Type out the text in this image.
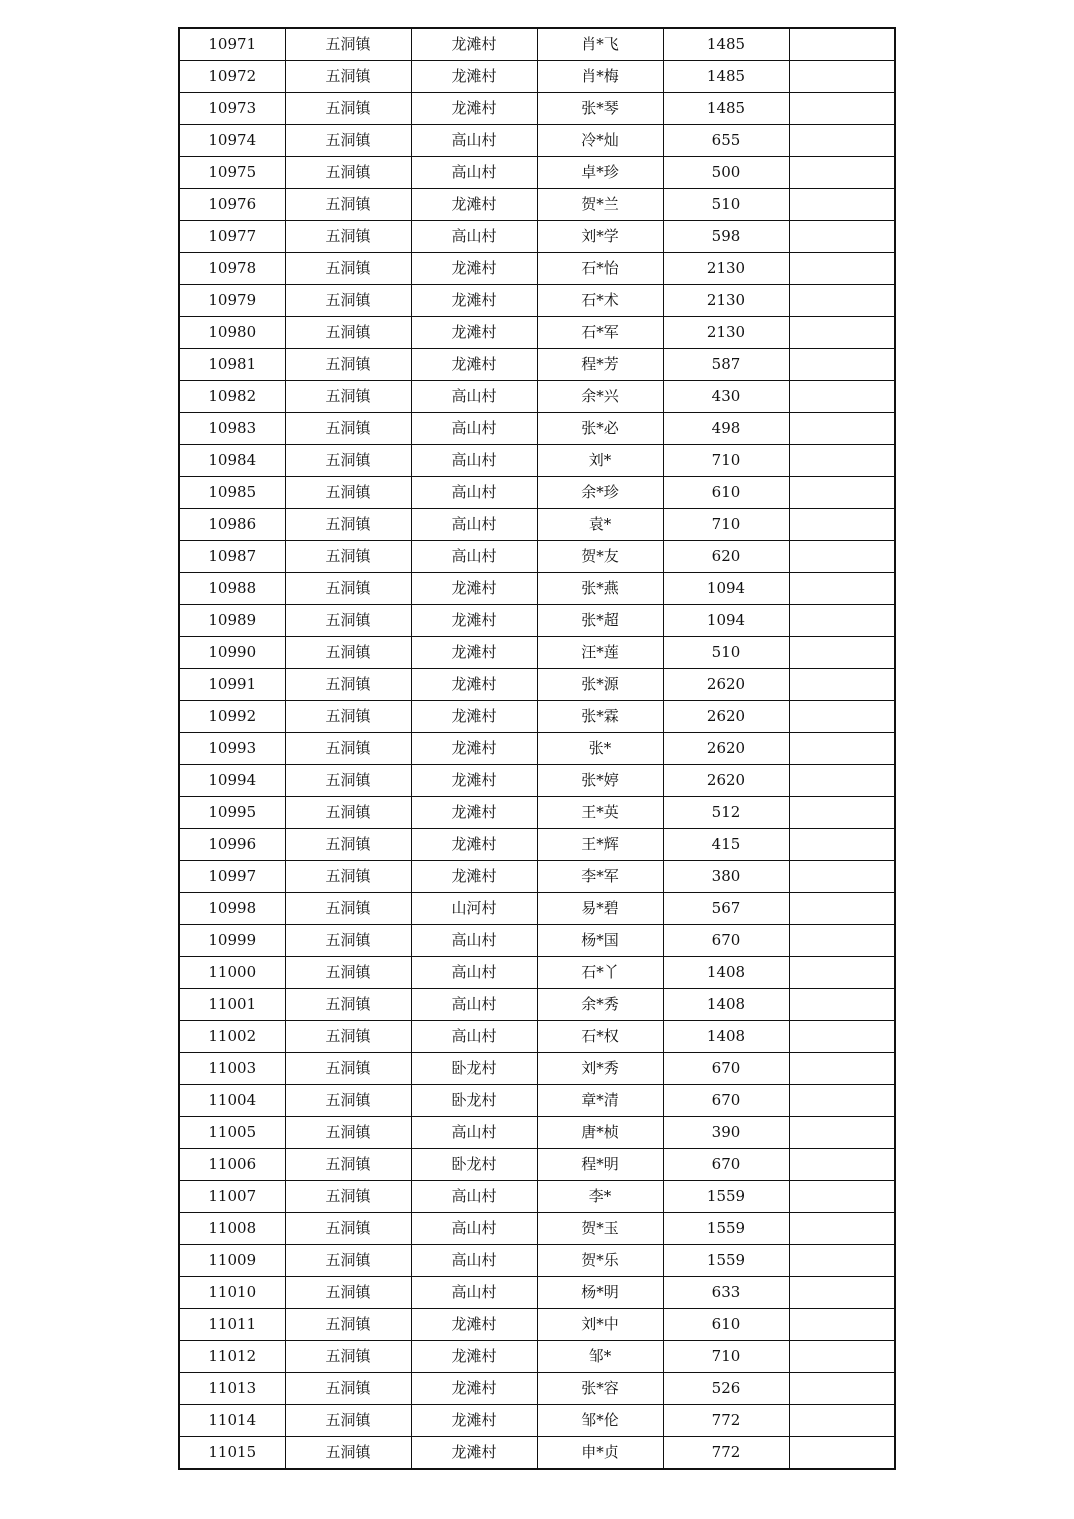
10971	五洞镇	龙滩村	肖*飞	1485	
10972	五洞镇	龙滩村	肖*梅	1485	
10973	五洞镇	龙滩村	张*琴	1485	
10974	五洞镇	高山村	冷*灿	655	
10975	五洞镇	高山村	卓*珍	500	
10976	五洞镇	龙滩村	贺*兰	510	
10977	五洞镇	高山村	刘*学	598	
10978	五洞镇	龙滩村	石*怡	2130	
10979	五洞镇	龙滩村	石*术	2130	
10980	五洞镇	龙滩村	石*军	2130	
10981	五洞镇	龙滩村	程*芳	587	
10982	五洞镇	高山村	余*兴	430	
10983	五洞镇	高山村	张*必	498	
10984	五洞镇	高山村	刘*	710	
10985	五洞镇	高山村	余*珍	610	
10986	五洞镇	高山村	袁*	710	
10987	五洞镇	高山村	贺*友	620	
10988	五洞镇	龙滩村	张*燕	1094	
10989	五洞镇	龙滩村	张*超	1094	
10990	五洞镇	龙滩村	汪*莲	510	
10991	五洞镇	龙滩村	张*源	2620	
10992	五洞镇	龙滩村	张*霖	2620	
10993	五洞镇	龙滩村	张*	2620	
10994	五洞镇	龙滩村	张*婷	2620	
10995	五洞镇	龙滩村	王*英	512	
10996	五洞镇	龙滩村	王*辉	415	
10997	五洞镇	龙滩村	李*军	380	
10998	五洞镇	山河村	易*碧	567	
10999	五洞镇	高山村	杨*国	670	
11000	五洞镇	高山村	石*丫	1408	
11001	五洞镇	高山村	余*秀	1408	
11002	五洞镇	高山村	石*权	1408	
11003	五洞镇	卧龙村	刘*秀	670	
11004	五洞镇	卧龙村	章*清	670	
11005	五洞镇	高山村	唐*桢	390	
11006	五洞镇	卧龙村	程*明	670	
11007	五洞镇	高山村	李*	1559	
11008	五洞镇	高山村	贺*玉	1559	
11009	五洞镇	高山村	贺*乐	1559	
11010	五洞镇	高山村	杨*明	633	
11011	五洞镇	龙滩村	刘*中	610	
11012	五洞镇	龙滩村	邹*	710	
11013	五洞镇	龙滩村	张*容	526	
11014	五洞镇	龙滩村	邹*伦	772	
11015	五洞镇	龙滩村	申*贞	772	
